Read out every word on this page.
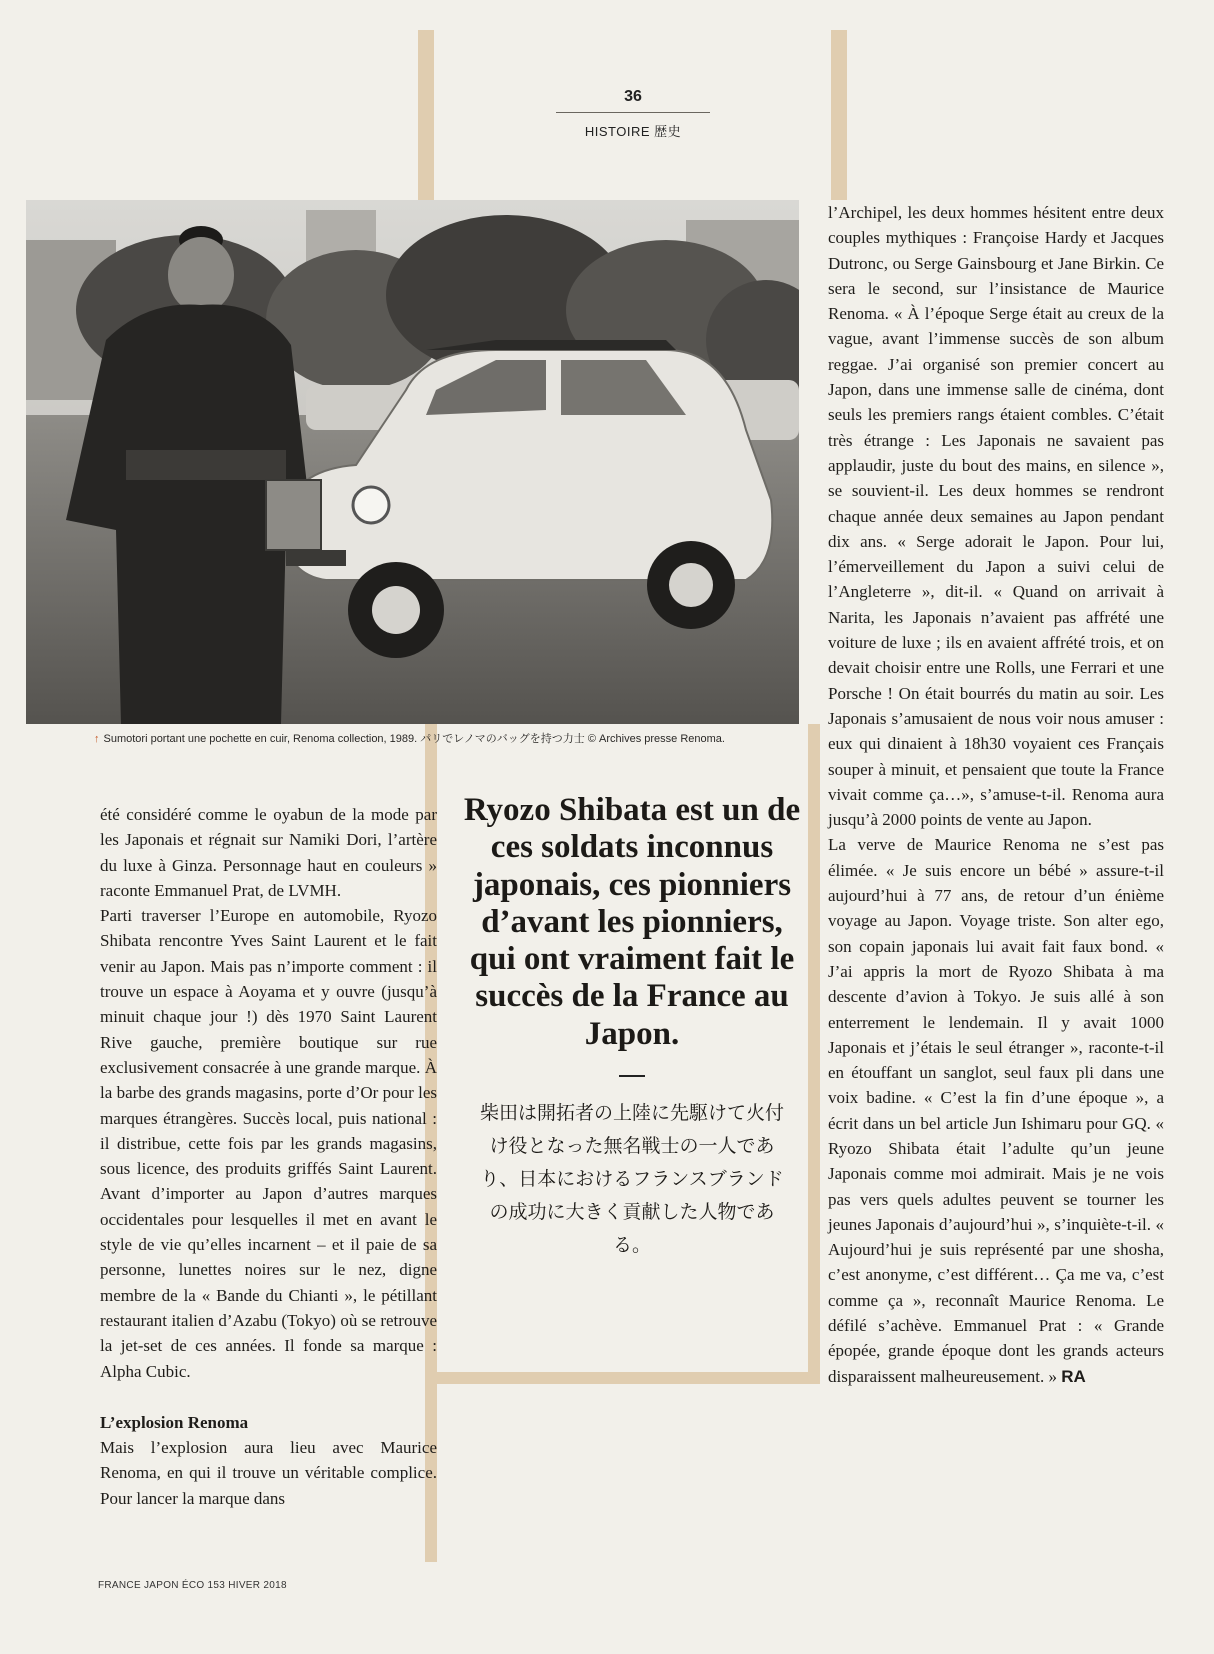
36
HISTOIRE 歴史
↑ Sumotori portant une pochette en cuir, Renoma collection, 1989. パリでレノマのバッグを持つ力士 © Archives presse Renoma.

été considéré comme le oyabun de la mode par les Japonais et régnait sur Namiki Dori, l’artère du luxe à Ginza. Personnage haut en couleurs » raconte Emmanuel Prat, de LVMH.

Parti traverser l’Europe en automobile, Ryozo Shibata rencontre Yves Saint Laurent et le fait venir au Japon. Mais pas n’importe comment : il trouve un espace à Aoyama et y ouvre (jusqu’à minuit chaque jour !) dès 1970 Saint Laurent Rive gauche, première boutique sur rue exclusivement consacrée à une grande marque. À la barbe des grands magasins, porte d’Or pour les marques étrangères. Succès local, puis national : il distribue, cette fois par les grands magasins, sous licence, des produits griffés Saint Laurent. Avant d’importer au Japon d’autres marques occidentales pour lesquelles il met en avant le style de vie qu’elles incarnent – et il paie de sa personne, lunettes noires sur le nez, digne membre de la « Bande du Chianti », le pétillant restaurant italien d’Azabu (Tokyo) où se retrouve la jet-set de ces années. Il fonde sa marque : Alpha Cubic.

L’explosion Renoma

Mais l’explosion aura lieu avec Maurice Renoma, en qui il trouve un véritable complice. Pour lancer la marque dans

Ryozo Shibata est un de ces soldats inconnus japonais, ces pionniers d’avant les pionniers, qui ont vraiment fait le succès de la France au Japon.
柴田は開拓者の上陸に先駆けて火付け役となった無名戦士の一人であり、日本におけるフランスブランドの成功に大きく貢献した人物である。

l’Archipel, les deux hommes hésitent entre deux couples mythiques : Françoise Hardy et Jacques Dutronc, ou Serge Gainsbourg et Jane Birkin. Ce sera le second, sur l’insistance de Maurice Renoma. « À l’époque Serge était au creux de la vague, avant l’immense succès de son album reggae. J’ai organisé son premier concert au Japon, dans une immense salle de cinéma, dont seuls les premiers rangs étaient combles. C’était très étrange : Les Japonais ne savaient pas applaudir, juste du bout des mains, en silence », se souvient-il. Les deux hommes se rendront chaque année deux semaines au Japon pendant dix ans. « Serge adorait le Japon. Pour lui, l’émerveillement du Japon a suivi celui de l’Angleterre », dit-il. « Quand on arrivait à Narita, les Japonais n’avaient pas affrété une voiture de luxe ; ils en avaient affrété trois, et on devait choisir entre une Rolls, une Ferrari et une Porsche ! On était bourrés du matin au soir. Les Japonais s’amusaient de nous voir nous amuser : eux qui dinaient à 18h30 voyaient ces Français souper à minuit, et pensaient que toute la France vivait comme ça…», s’amuse-t-il. Renoma aura jusqu’à 2000 points de vente au Japon.

La verve de Maurice Renoma ne s’est pas élimée. « Je suis encore un bébé » assure-t-il aujourd’hui à 77 ans, de retour d’un énième voyage au Japon. Voyage triste. Son alter ego, son copain japonais lui avait fait faux bond. « J’ai appris la mort de Ryozo Shibata à ma descente d’avion à Tokyo. Je suis allé à son enterrement le lendemain. Il y avait 1000 Japonais et j’étais le seul étranger », raconte-t-il en étouffant un sanglot, seul faux pli dans une voix badine. « C’est la fin d’une époque », a écrit dans un bel article Jun Ishimaru pour GQ. « Ryozo Shibata était l’adulte qu’un jeune Japonais comme moi admirait. Mais je ne vois pas vers quels adultes peuvent se tourner les jeunes Japonais d’aujourd’hui », s’inquiète-t-il. « Aujourd’hui je suis représenté par une shosha, c’est anonyme, c’est différent… Ça me va, c’est comme ça », reconnaît Maurice Renoma. Le défilé s’achève. Emmanuel Prat : « Grande épopée, grande époque dont les grands acteurs disparaissent malheureusement. » RA

FRANCE JAPON ÉCO 153 HIVER 2018
